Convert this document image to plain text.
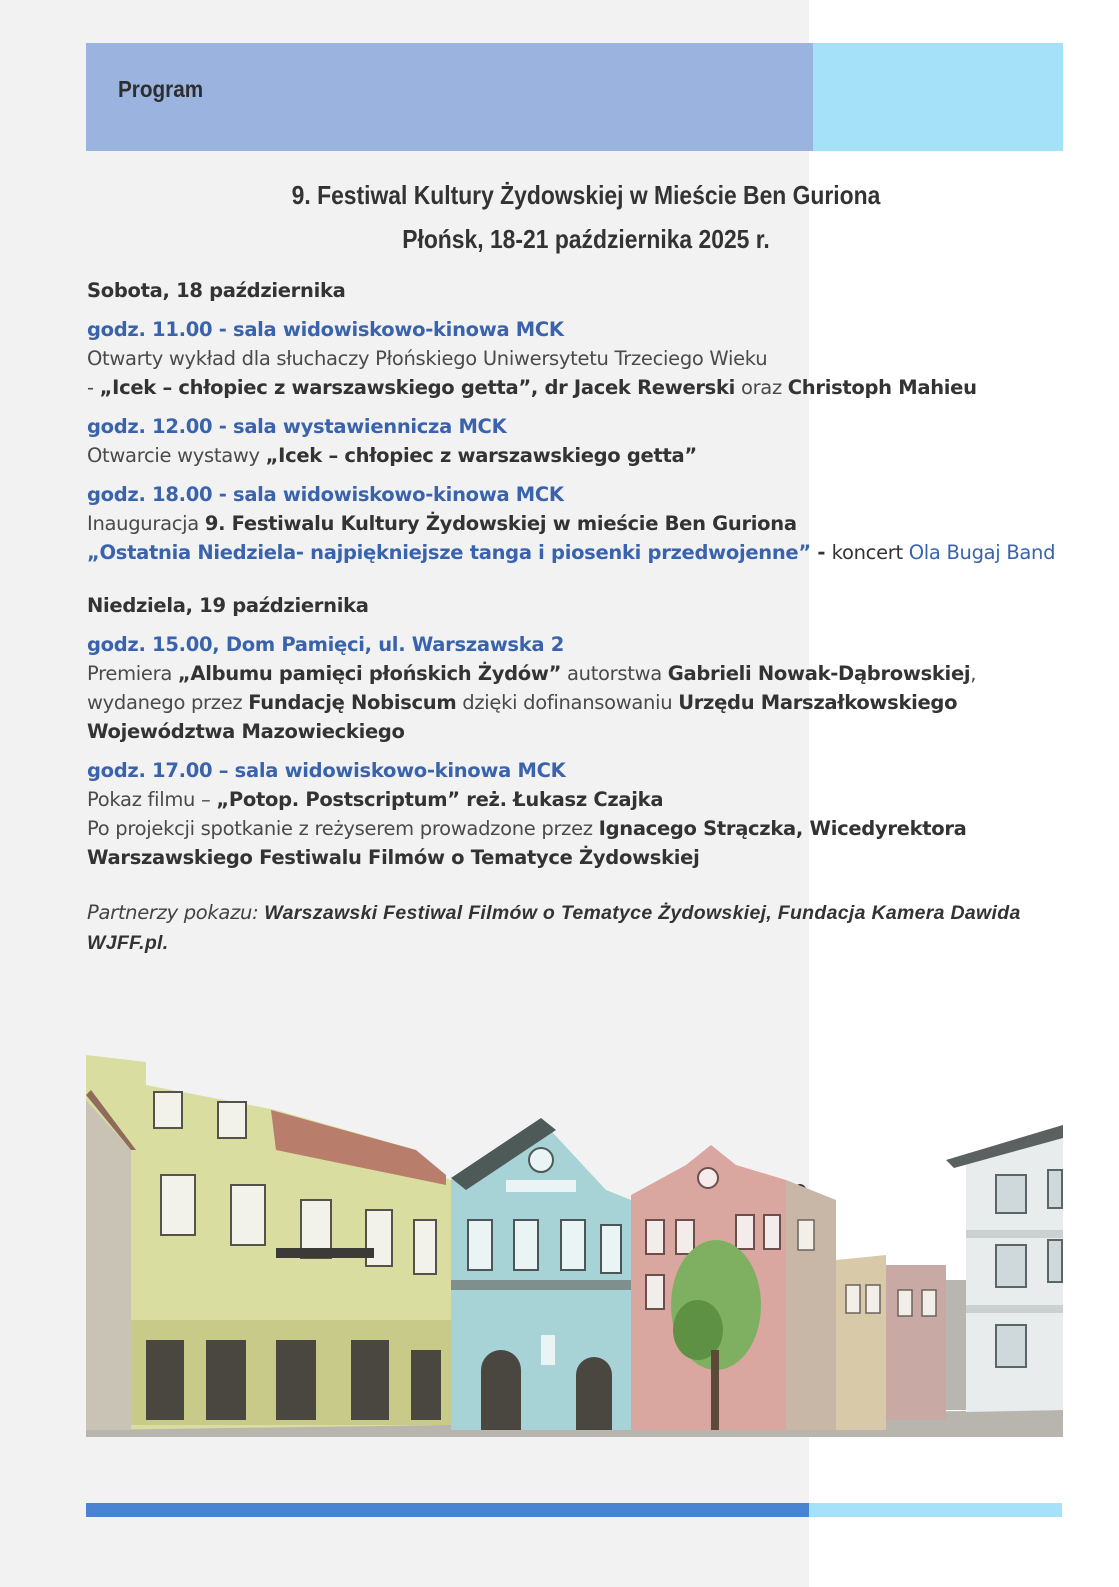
Program
9. Festiwal Kultury Żydowskiej w Mieście Ben Guriona
Płońsk, 18-21 października 2025 r.
Sobota, 18 października
godz. 11.00 - sala widowiskowo-kinowa MCK
Otwarty wykład dla słuchaczy Płońskiego Uniwersytetu Trzeciego Wieku
- „Icek – chłopiec z warszawskiego getta”, dr Jacek Rewerski oraz Christoph Mahieu
godz. 12.00 - sala wystawiennicza MCK
Otwarcie wystawy „Icek – chłopiec z warszawskiego getta”
godz. 18.00 - sala widowiskowo-kinowa MCK
Inauguracja 9. Festiwalu Kultury Żydowskiej w mieście Ben Guriona
„Ostatnia Niedziela- najpiękniejsze tanga i piosenki przedwojenne” - koncert Ola Bugaj Band
Niedziela, 19 października
godz. 15.00, Dom Pamięci, ul. Warszawska 2
Premiera „Albumu pamięci płońskich Żydów” autorstwa Gabrieli Nowak-Dąbrowskiej,
wydanego przez Fundację Nobiscum dzięki dofinansowaniu Urzędu Marszałkowskiego
Województwa Mazowieckiego
godz. 17.00 – sala widowiskowo-kinowa MCK
Pokaz filmu – „Potop. Postscriptum” reż. Łukasz Czajka
Po projekcji spotkanie z reżyserem prowadzone przez Ignacego Strączka, Wicedyrektora
Warszawskiego Festiwalu Filmów o Tematyce Żydowskiej
Partnerzy pokazu: Warszawski Festiwal Filmów o Tematyce Żydowskiej, Fundacja Kamera Dawida WJFF.pl.
